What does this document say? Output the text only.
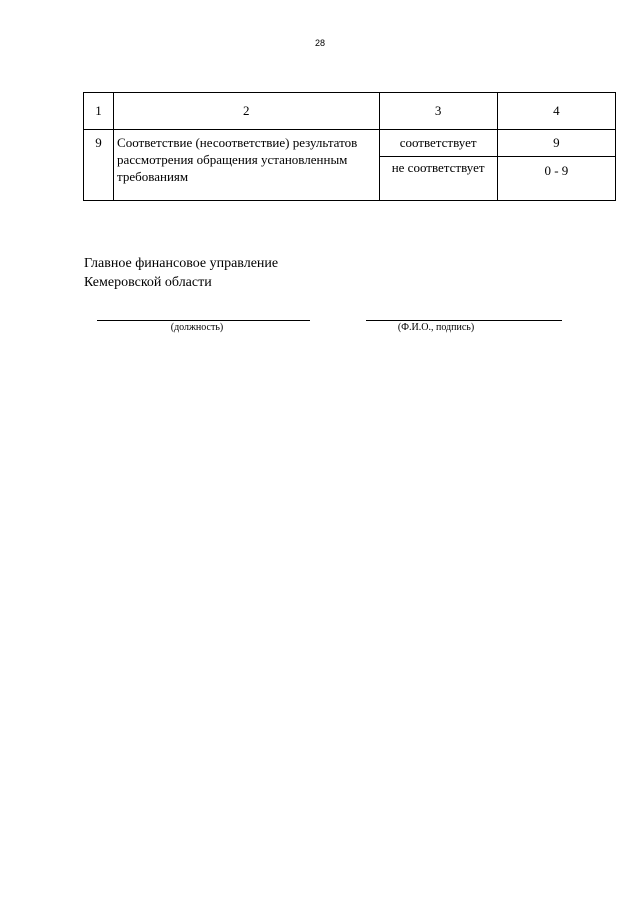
28
1	2	3	4
9	Соответствие (несоответствие) результатов рассмотрения обращения установленным требованиям	соответствует	9
		не соответствует	0 - 9
Главное финансовое управление
Кемеровской области
(должность)	(Ф.И.О., подпись)
